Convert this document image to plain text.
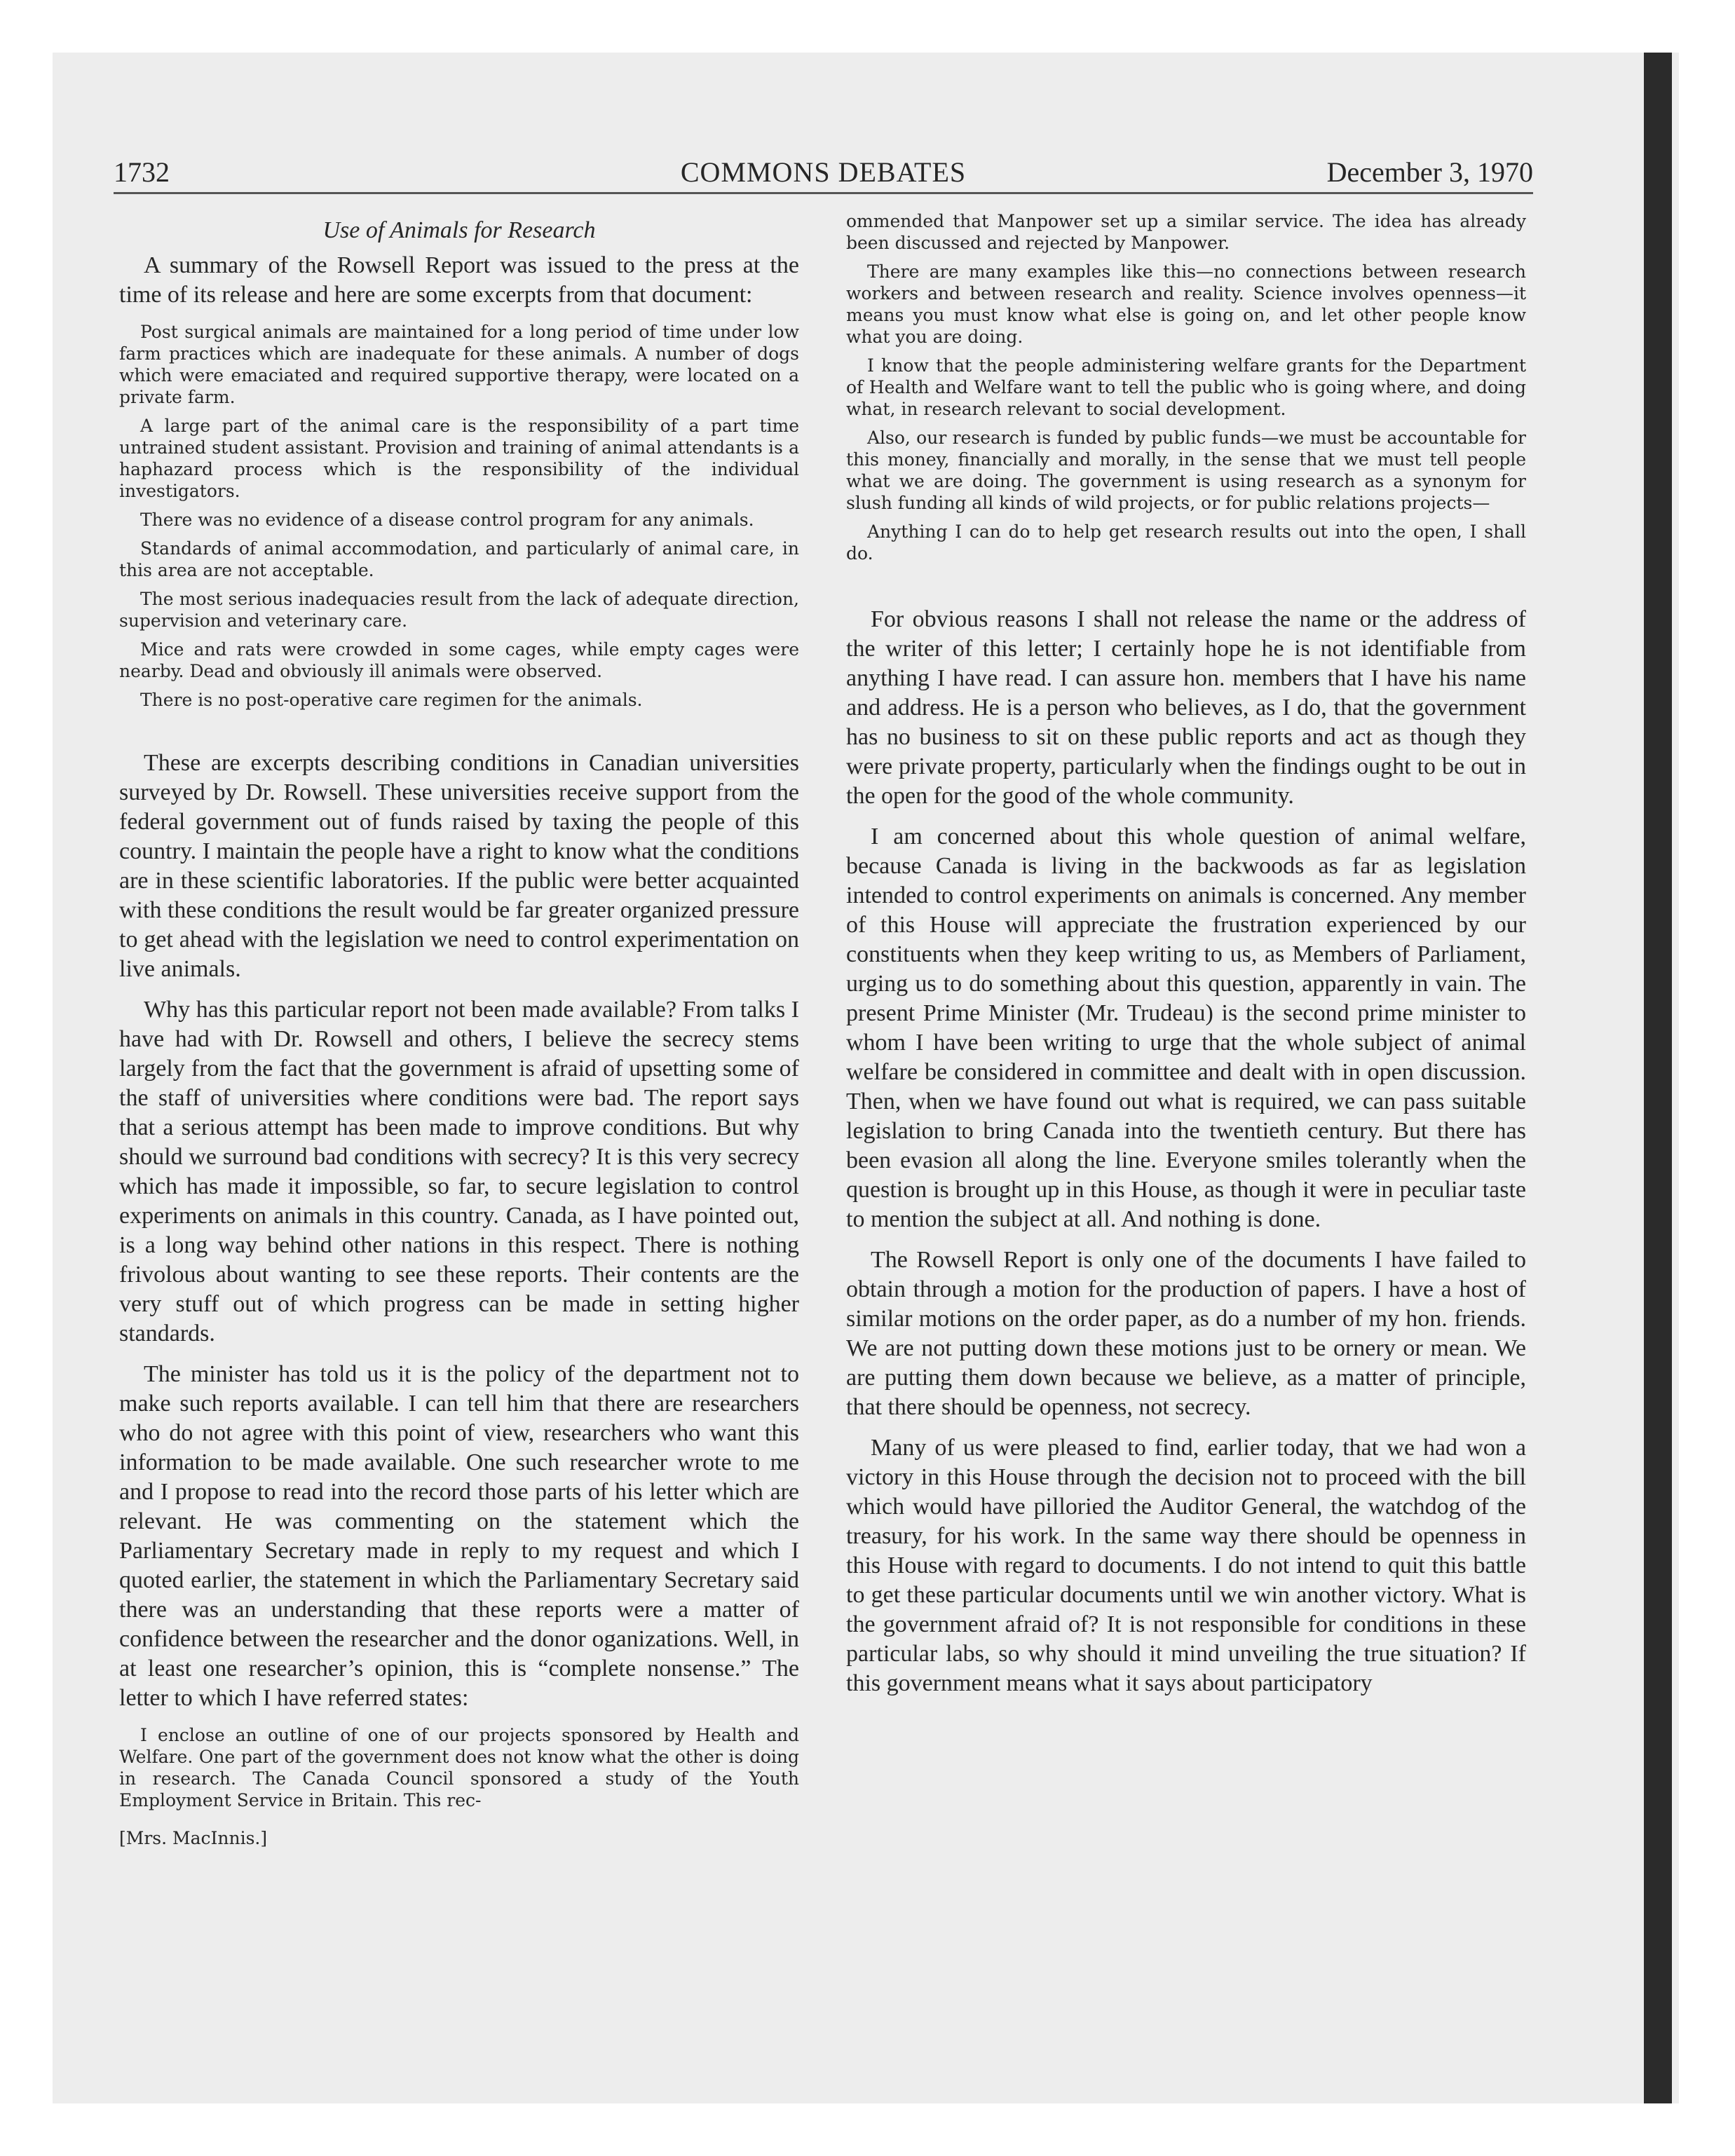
1732	COMMONS DEBATES	December 3, 1970
Use of Animals for Research

A summary of the Rowsell Report was issued to the press at the time of its release and here are some excerpts from that document:

Post surgical animals are maintained for a long period of time under low farm practices which are inadequate for these animals. A number of dogs which were emaciated and required supportive therapy, were located on a private farm.

A large part of the animal care is the responsibility of a part time untrained student assistant. Provision and training of animal attendants is a haphazard process which is the responsibility of the individual investigators.

There was no evidence of a disease control program for any animals.

Standards of animal accommodation, and particularly of animal care, in this area are not acceptable.

The most serious inadequacies result from the lack of adequate direction, supervision and veterinary care.

Mice and rats were crowded in some cages, while empty cages were nearby. Dead and obviously ill animals were observed.

There is no post-operative care regimen for the animals.

These are excerpts describing conditions in Canadian universities surveyed by Dr. Rowsell. These universities receive support from the federal government out of funds raised by taxing the people of this country. I maintain the people have a right to know what the conditions are in these scientific laboratories. If the public were better acquainted with these conditions the result would be far greater organized pressure to get ahead with the legislation we need to control experimentation on live animals.

Why has this particular report not been made available? From talks I have had with Dr. Rowsell and others, I believe the secrecy stems largely from the fact that the government is afraid of upsetting some of the staff of universities where conditions were bad. The report says that a serious attempt has been made to improve conditions. But why should we surround bad conditions with secrecy? It is this very secrecy which has made it impossible, so far, to secure legislation to control experiments on animals in this country. Canada, as I have pointed out, is a long way behind other nations in this respect. There is nothing frivolous about wanting to see these reports. Their contents are the very stuff out of which progress can be made in setting higher standards.

The minister has told us it is the policy of the department not to make such reports available. I can tell him that there are researchers who do not agree with this point of view, researchers who want this information to be made available. One such researcher wrote to me and I propose to read into the record those parts of his letter which are relevant. He was commenting on the statement which the Parliamentary Secretary made in reply to my request and which I quoted earlier, the statement in which the Parliamentary Secretary said there was an understanding that these reports were a matter of confidence between the researcher and the donor oganizations. Well, in at least one researcher’s opinion, this is “complete nonsense.” The letter to which I have referred states:

I enclose an outline of one of our projects sponsored by Health and Welfare. One part of the government does not know what the other is doing in research. The Canada Council sponsored a study of the Youth Employment Service in Britain. This rec-

[Mrs. MacInnis.]

ommended that Manpower set up a similar service. The idea has already been discussed and rejected by Manpower.

There are many examples like this—no connections between research workers and between research and reality. Science involves openness—it means you must know what else is going on, and let other people know what you are doing.

I know that the people administering welfare grants for the Department of Health and Welfare want to tell the public who is going where, and doing what, in research relevant to social development.

Also, our research is funded by public funds—we must be accountable for this money, financially and morally, in the sense that we must tell people what we are doing. The government is using research as a synonym for slush funding all kinds of wild projects, or for public relations projects—

Anything I can do to help get research results out into the open, I shall do.

For obvious reasons I shall not release the name or the address of the writer of this letter; I certainly hope he is not identifiable from anything I have read. I can assure hon. members that I have his name and address. He is a person who believes, as I do, that the government has no business to sit on these public reports and act as though they were private property, particularly when the findings ought to be out in the open for the good of the whole community.

I am concerned about this whole question of animal welfare, because Canada is living in the backwoods as far as legislation intended to control experiments on animals is concerned. Any member of this House will appreciate the frustration experienced by our constituents when they keep writing to us, as Members of Parliament, urging us to do something about this question, apparently in vain. The present Prime Minister (Mr. Trudeau) is the second prime minister to whom I have been writing to urge that the whole subject of animal welfare be considered in committee and dealt with in open discussion. Then, when we have found out what is required, we can pass suitable legislation to bring Canada into the twentieth century. But there has been evasion all along the line. Everyone smiles tolerantly when the question is brought up in this House, as though it were in peculiar taste to mention the subject at all. And nothing is done.

The Rowsell Report is only one of the documents I have failed to obtain through a motion for the production of papers. I have a host of similar motions on the order paper, as do a number of my hon. friends. We are not putting down these motions just to be ornery or mean. We are putting them down because we believe, as a matter of principle, that there should be openness, not secrecy.

Many of us were pleased to find, earlier today, that we had won a victory in this House through the decision not to proceed with the bill which would have pilloried the Auditor General, the watchdog of the treasury, for his work. In the same way there should be openness in this House with regard to documents. I do not intend to quit this battle to get these particular documents until we win another victory. What is the government afraid of? It is not responsible for conditions in these particular labs, so why should it mind unveiling the true situation? If this government means what it says about participatory
